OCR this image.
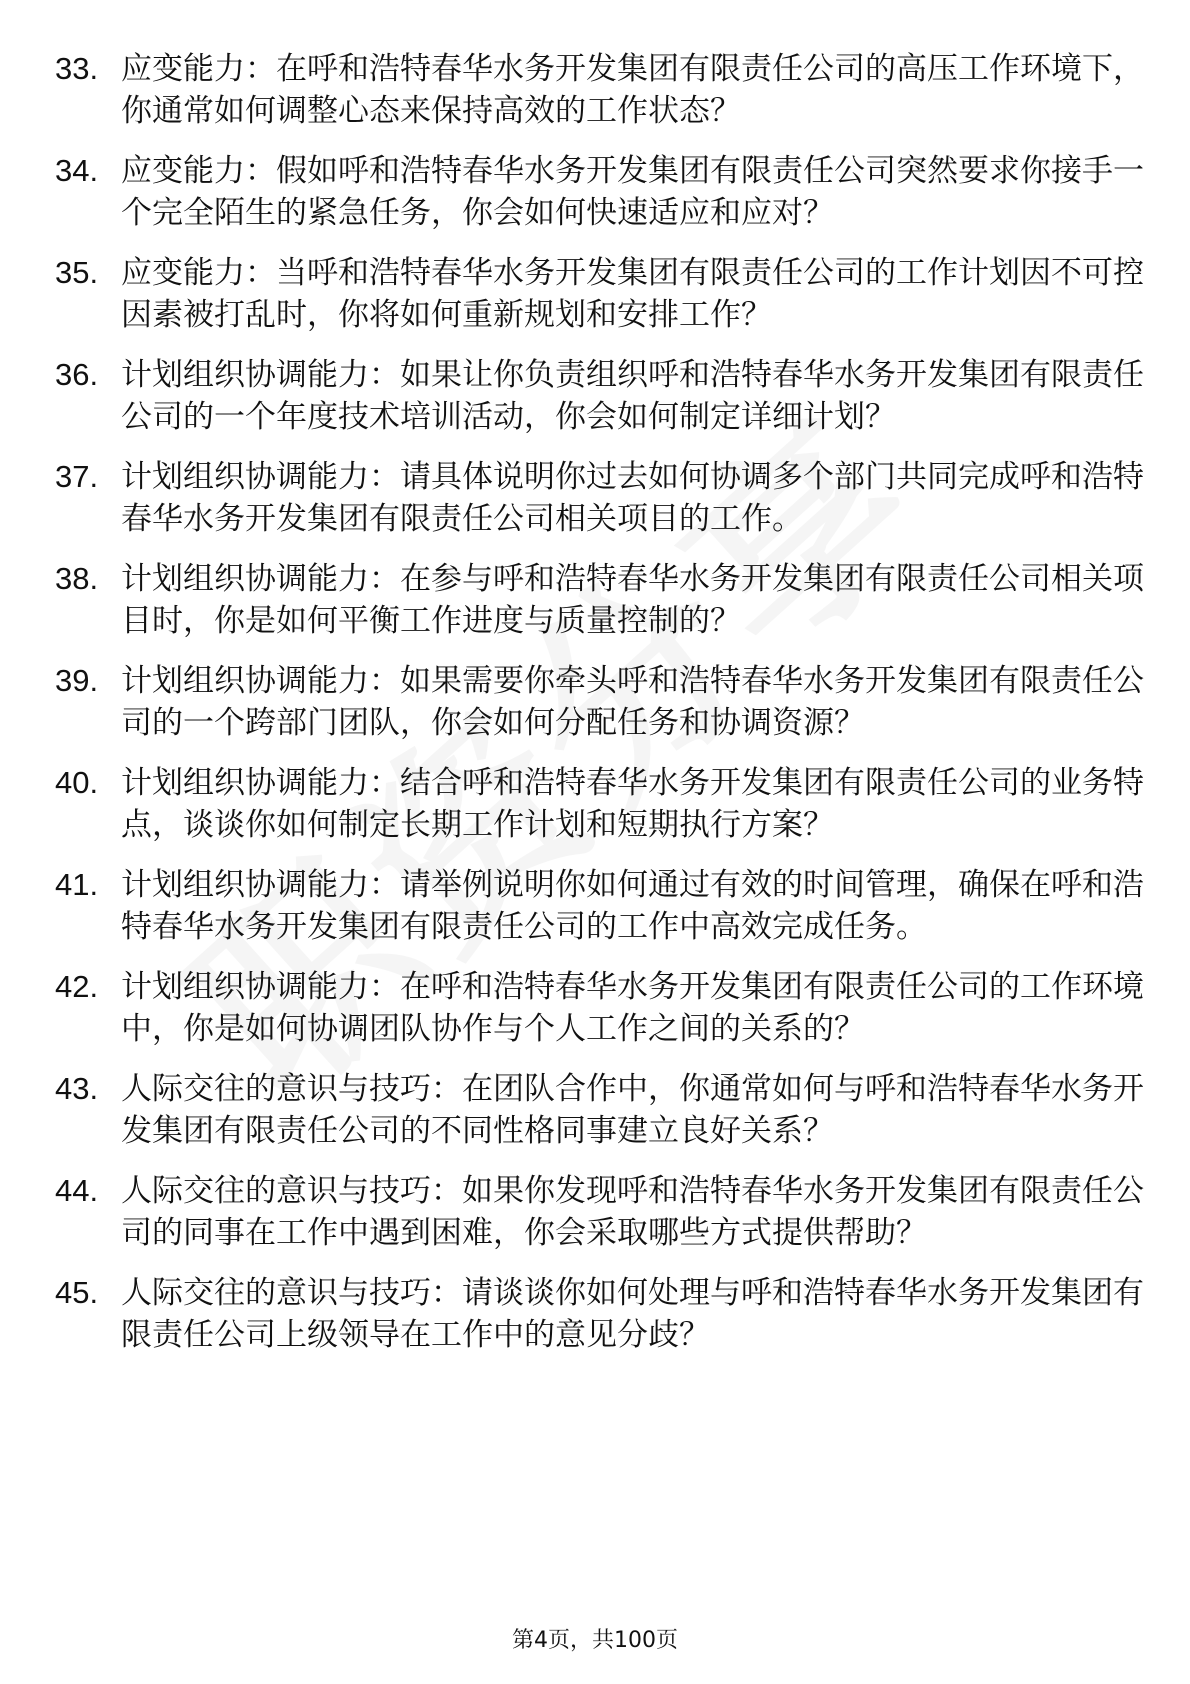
33. 应变能力：在呼和浩特春华水务开发集团有限责任公司的高压工作环境下，你通常如何调整心态来保持高效的工作状态？
34. 应变能力：假如呼和浩特春华水务开发集团有限责任公司突然要求你接手一个完全陌生的紧急任务，你会如何快速适应和应对？
35. 应变能力：当呼和浩特春华水务开发集团有限责任公司的工作计划因不可控因素被打乱时，你将如何重新规划和安排工作？
36. 计划组织协调能力：如果让你负责组织呼和浩特春华水务开发集团有限责任公司的一个年度技术培训活动，你会如何制定详细计划？
37. 计划组织协调能力：请具体说明你过去如何协调多个部门共同完成呼和浩特春华水务开发集团有限责任公司相关项目的工作。
38. 计划组织协调能力：在参与呼和浩特春华水务开发集团有限责任公司相关项目时，你是如何平衡工作进度与质量控制的？
39. 计划组织协调能力：如果需要你牵头呼和浩特春华水务开发集团有限责任公司的一个跨部门团队，你会如何分配任务和协调资源？
40. 计划组织协调能力：结合呼和浩特春华水务开发集团有限责任公司的业务特点，谈谈你如何制定长期工作计划和短期执行方案？
41. 计划组织协调能力：请举例说明你如何通过有效的时间管理，确保在呼和浩特春华水务开发集团有限责任公司的工作中高效完成任务。
42. 计划组织协调能力：在呼和浩特春华水务开发集团有限责任公司的工作环境中，你是如何协调团队协作与个人工作之间的关系的？
43. 人际交往的意识与技巧：在团队合作中，你通常如何与呼和浩特春华水务开发集团有限责任公司的不同性格同事建立良好关系？
44. 人际交往的意识与技巧：如果你发现呼和浩特春华水务开发集团有限责任公司的同事在工作中遇到困难，你会采取哪些方式提供帮助？
45. 人际交往的意识与技巧：请谈谈你如何处理与呼和浩特春华水务开发集团有限责任公司上级领导在工作中的意见分歧？
第4页，共100页
